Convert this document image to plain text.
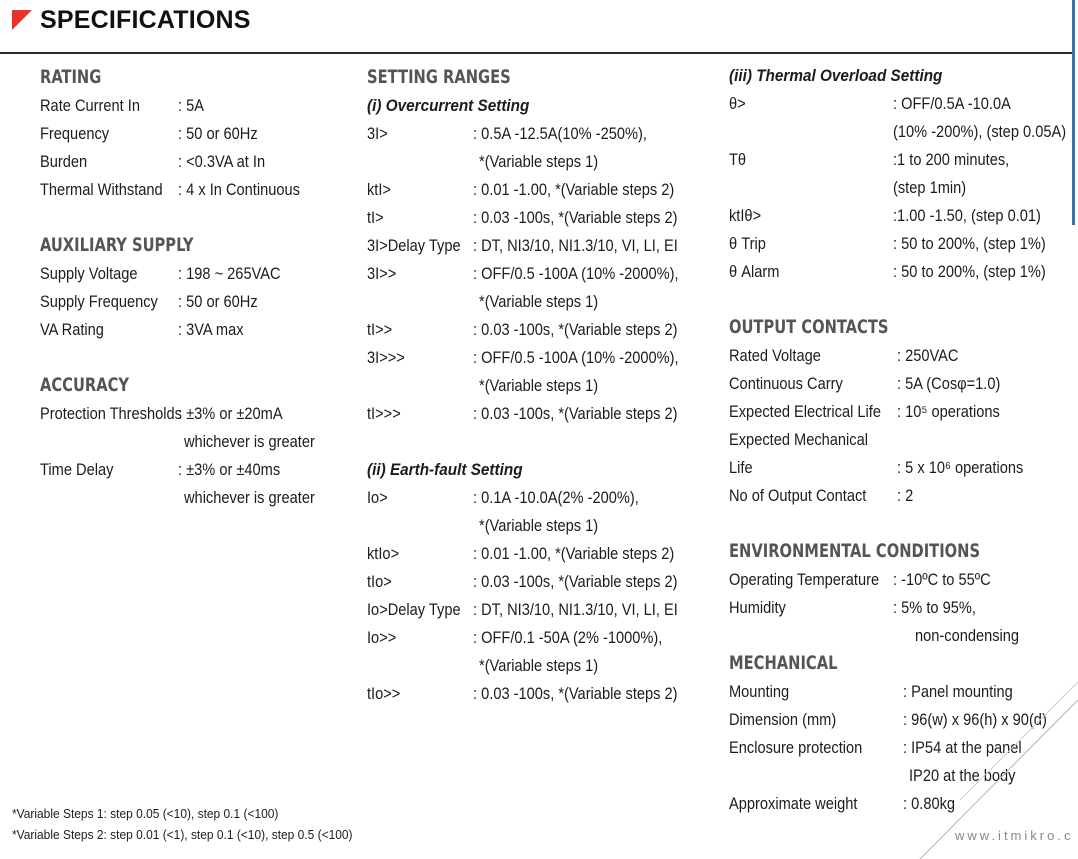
SPECIFICATIONS
RATING
Rate Current In : 5A
Frequency	: 50 or 60Hz
Burden	: <0.3VA at In
Thermal Withstand : 4 x In Continuous
AUXILIARY SUPPLY
Supply Voltage : 198 ~ 265VAC
Supply Frequency : 50 or 60Hz
VA Rating	: 3VA max
ACCURACY
Protection Thresholds
: ±3% or ±20mA
whichever is greater
Time Delay	: ±3% or ±40ms
whichever is greater
SETTING RANGES
(i) Overcurrent Setting
3I>	: 0.5A -12.5A(10% -250%),
*(Variable steps 1)
ktI>	: 0.01 -1.00, *(Variable steps 2)
tI>	: 0.03 -100s, *(Variable steps 2)
3I>Delay Type : DT, NI3/10, NI1.3/10, VI, LI, EI
3I>>	: OFF/0.5 -100A (10% -2000%),
*(Variable steps 1)
tI>>	: 0.03 -100s, *(Variable steps 2)
3I>>>	: OFF/0.5 -100A (10% -2000%),
*(Variable steps 1)
tI>>>	: 0.03 -100s, *(Variable steps 2)
(ii) Earth-fault Setting
Io>	: 0.1A -10.0A(2% -200%),
*(Variable steps 1)
ktIo>	: 0.01 -1.00, *(Variable steps 2)
tIo>	: 0.03 -100s, *(Variable steps 2)
Io>Delay Type : DT, NI3/10, NI1.3/10, VI, LI, EI
Io>>	: OFF/0.1 -50A (2% -1000%),
*(Variable steps 1)
tIo>>	: 0.03 -100s, *(Variable steps 2)
(iii) Thermal Overload Setting
θ>	: OFF/0.5A -10.0A
(10% -200%), (step 0.05A)
Tθ	:1 to 200 minutes,
(step 1min)
ktIθ>	:1.00 -1.50, (step 0.01)
θ Trip	: 50 to 200%, (step 1%)
θ Alarm	: 50 to 200%, (step 1%)
OUTPUT CONTACTS
Rated Voltage	: 250VAC
Continuous Carry	: 5A (Cosφ=1.0)
Expected Electrical Life : 10⁵ operations
Expected Mechanical
Life	: 5 x 10⁶ operations
No of Output Contact : 2
ENVIRONMENTAL CONDITIONS
Operating Temperature : -10ºC to 55ºC
Humidity	: 5% to 95%,
non-condensing
MECHANICAL
Mounting	: Panel mounting
Dimension (mm)	: 96(w) x 96(h) x 90(d)
Enclosure protection : IP54 at the panel
IP20 at the body
Approximate weight	: 0.80kg
*Variable Steps 1: step 0.05 (<10), step 0.1 (<100)
*Variable Steps 2: step 0.01 (<1), step 0.1 (<10), step 0.5 (<100)	www.itmikro.c
